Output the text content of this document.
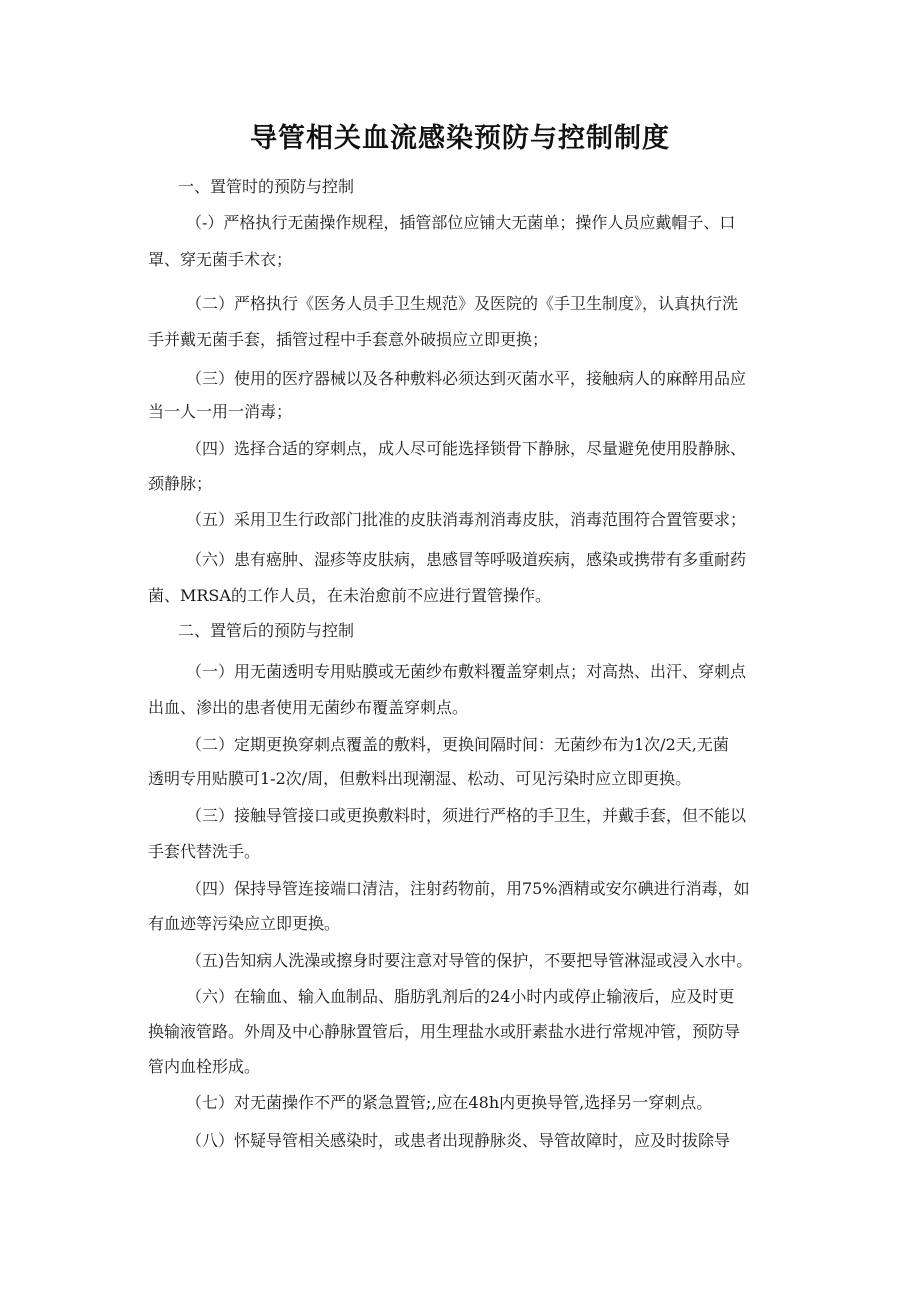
导管相关血流感染预防与控制制度
一、置管时的预防与控制
（-）严格执行无菌操作规程，插管部位应铺大无菌单；操作人员应戴帽子、口
罩、穿无菌手术衣；
（二）严格执行《医务人员手卫生规范》及医院的《手卫生制度》，认真执行洗
手并戴无菌手套，插管过程中手套意外破损应立即更换；
（三）使用的医疗器械以及各种敷料必须达到灭菌水平，接触病人的麻醉用品应
当一人一用一消毒；
（四）选择合适的穿刺点，成人尽可能选择锁骨下静脉，尽量避免使用股静脉、
颈静脉；
（五）采用卫生行政部门批准的皮肤消毒剂消毒皮肤，消毒范围符合置管要求；
（六）患有癌肿、湿疹等皮肤病，患感冒等呼吸道疾病，感染或携带有多重耐药
菌、MRSA的工作人员，在未治愈前不应进行置管操作。
二、置管后的预防与控制
（一）用无菌透明专用贴膜或无菌纱布敷料覆盖穿刺点；对高热、出汗、穿刺点
出血、渗出的患者使用无菌纱布覆盖穿刺点。
（二）定期更换穿刺点覆盖的敷料，更换间隔时间：无菌纱布为1次/2天,无菌
透明专用贴膜可1-2次/周，但敷料出现潮湿、松动、可见污染时应立即更换。
（三）接触导管接口或更换敷料时，须进行严格的手卫生，并戴手套，但不能以
手套代替洗手。
（四）保持导管连接端口清洁，注射药物前，用75%酒精或安尔碘进行消毒，如
有血迹等污染应立即更换。
（五)告知病人洗澡或擦身时要注意对导管的保护，不要把导管淋湿或浸入水中。
（六）在输血、输入血制品、脂肪乳剂后的24小时内或停止输液后，应及时更
换输液管路。外周及中心静脉置管后，用生理盐水或肝素盐水进行常规冲管，预防导
管内血栓形成。
（七）对无菌操作不严的紧急置管;,应在48h内更换导管,选择另一穿刺点。
（八）怀疑导管相关感染时，或患者出现静脉炎、导管故障时，应及时拔除导
